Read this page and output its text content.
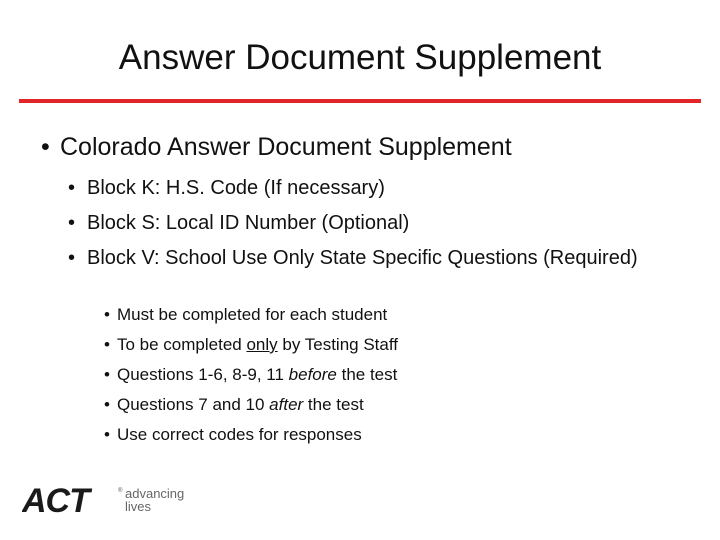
Answer Document Supplement
• Colorado Answer Document Supplement
• Block K: H.S. Code (If necessary)
• Block S: Local ID Number (Optional)
• Block V: School Use Only State Specific Questions (Required)
• Must be completed for each student
• To be completed only by Testing Staff
• Questions 1-6, 8-9, 11 before the test
• Questions 7 and 10 after the test
• Use correct codes for responses
ACT	® advancing
lives
